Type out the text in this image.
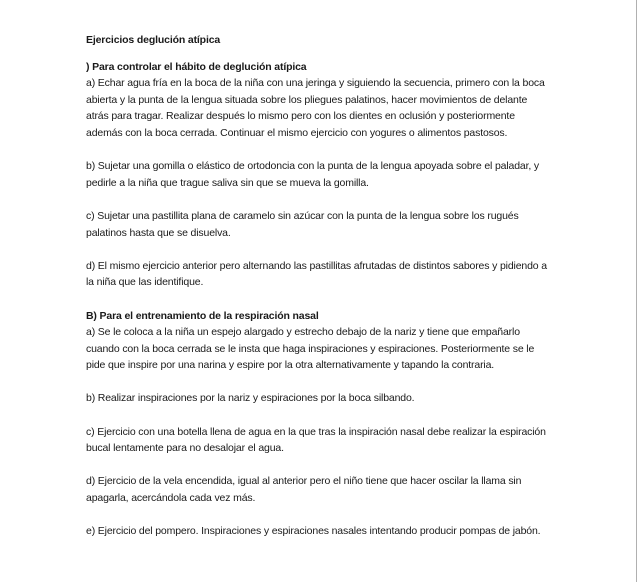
Ejercicios deglución atípica

) Para controlar el hábito de deglución atípica

a) Echar agua fría en la boca de la niña con una jeringa y siguiendo la secuencia, primero con la boca abierta y la punta de la lengua situada sobre los pliegues palatinos, hacer movimientos de delante atrás para tragar. Realizar después lo mismo pero con los dientes en oclusión y posteriormente además con la boca cerrada. Continuar el mismo ejercicio con yogures o alimentos pastosos.

b) Sujetar una gomilla o elástico de ortodoncia con la punta de la lengua apoyada sobre el paladar, y pedirle a la niña que trague saliva sin que se mueva la gomilla.

c) Sujetar una pastillita plana de caramelo sin azúcar con la punta de la lengua sobre los rugués palatinos hasta que se disuelva.

d) El mismo ejercicio anterior pero alternando las pastillitas afrutadas de distintos sabores y pidiendo a la niña que las identifique.

B) Para el entrenamiento de la respiración nasal

a) Se le coloca a la niña un espejo alargado y estrecho debajo de la nariz y tiene que empañarlo cuando con la boca cerrada se le insta que haga inspiraciones y espiraciones. Posteriormente se le pide que inspire por una narina y espire por la otra alternativamente y tapando la contraria.

b) Realizar inspiraciones por la nariz y espiraciones por la boca silbando.

c) Ejercicio con una botella llena de agua en la que tras la inspiración nasal debe realizar la espiración bucal lentamente para no desalojar el agua.

d) Ejercicio de la vela encendida, igual al anterior pero el niño tiene que hacer oscilar la llama sin apagarla, acercándola cada vez más.

e) Ejercicio del pompero. Inspiraciones y espiraciones nasales intentando producir pompas de jabón.
